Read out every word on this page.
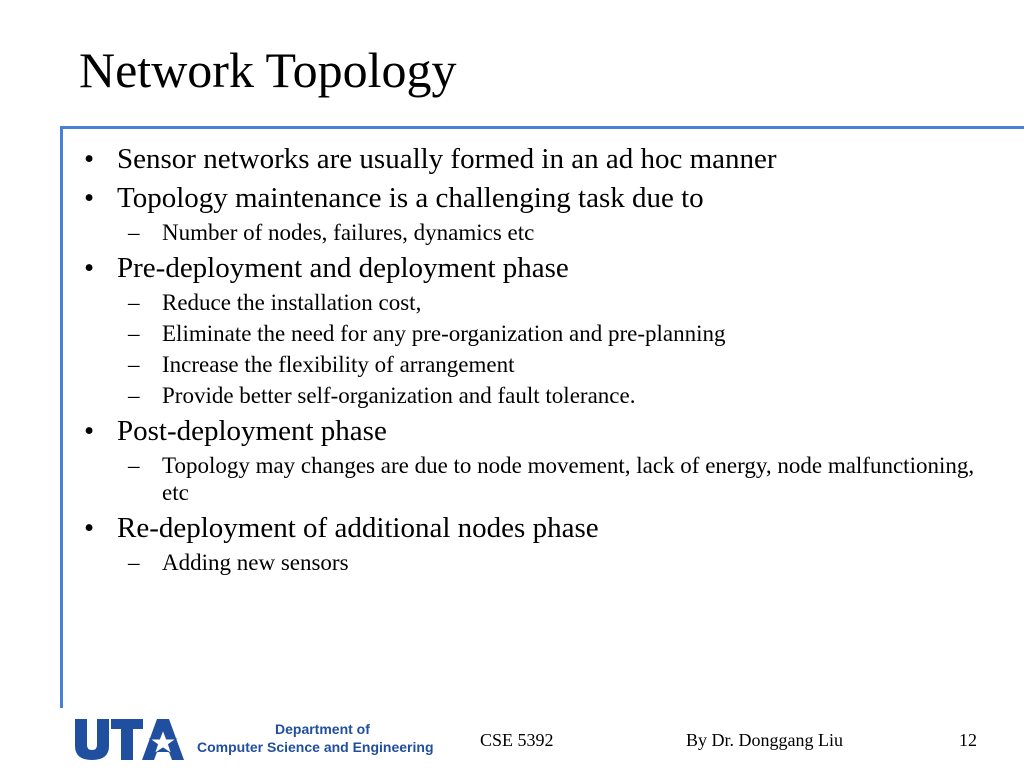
Network Topology
• Sensor networks are usually formed in an ad hoc manner
• Topology maintenance is a challenging task due to
– Number of nodes, failures, dynamics etc
• Pre-deployment and deployment phase
– Reduce the installation cost,
– Eliminate the need for any pre-organization and pre-planning
– Increase the flexibility of arrangement
– Provide better self-organization and fault tolerance.
• Post-deployment phase
– Topology may changes are due to node movement, lack of energy, node malfunctioning, etc
• Re-deployment of additional nodes phase
– Adding new sensors
Department of
Computer Science and Engineering	CSE 5392	By Dr. Donggang Liu	12
